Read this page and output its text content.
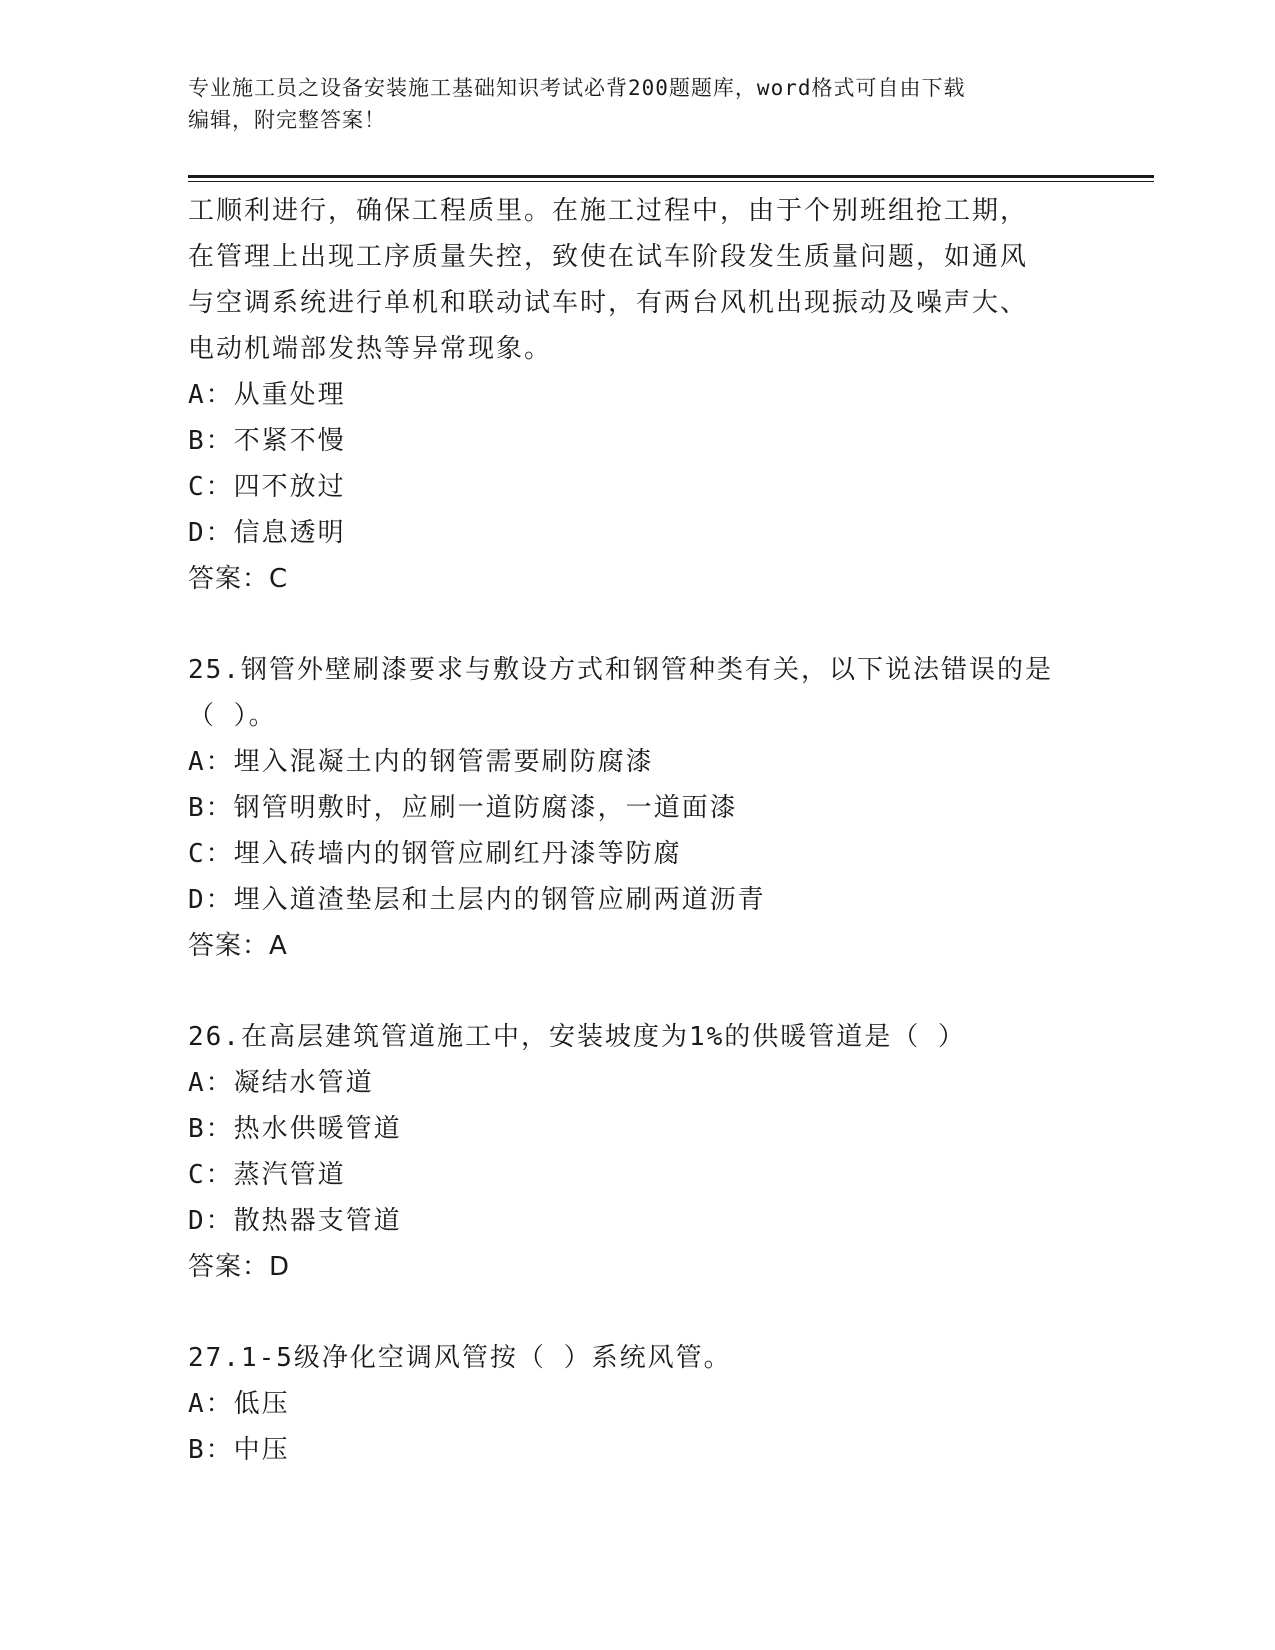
专业施工员之设备安装施工基础知识考试必背200题题库，word格式可自由下载
编辑，附完整答案！
工顺利进行，确保工程质里。在施工过程中，由于个别班组抢工期，
在管理上出现工序质量失控，致使在试车阶段发生质量问题，如通风
与空调系统进行单机和联动试车时，有两台风机出现振动及噪声大、
电动机端部发热等异常现象。
A：从重处理
B：不紧不慢
C：四不放过
D：信息透明
答案：C
25.钢管外壁刷漆要求与敷设方式和钢管种类有关，以下说法错误的是
（ ）。
A：埋入混凝土内的钢管需要刷防腐漆
B：钢管明敷时，应刷一道防腐漆，一道面漆
C：埋入砖墙内的钢管应刷红丹漆等防腐
D：埋入道渣垫层和土层内的钢管应刷两道沥青
答案：A
26.在高层建筑管道施工中，安装坡度为1%的供暖管道是（ ）
A：凝结水管道
B：热水供暖管道
C：蒸汽管道
D：散热器支管道
答案：D
27.1-5级净化空调风管按（ ）系统风管。
A：低压
B：中压
